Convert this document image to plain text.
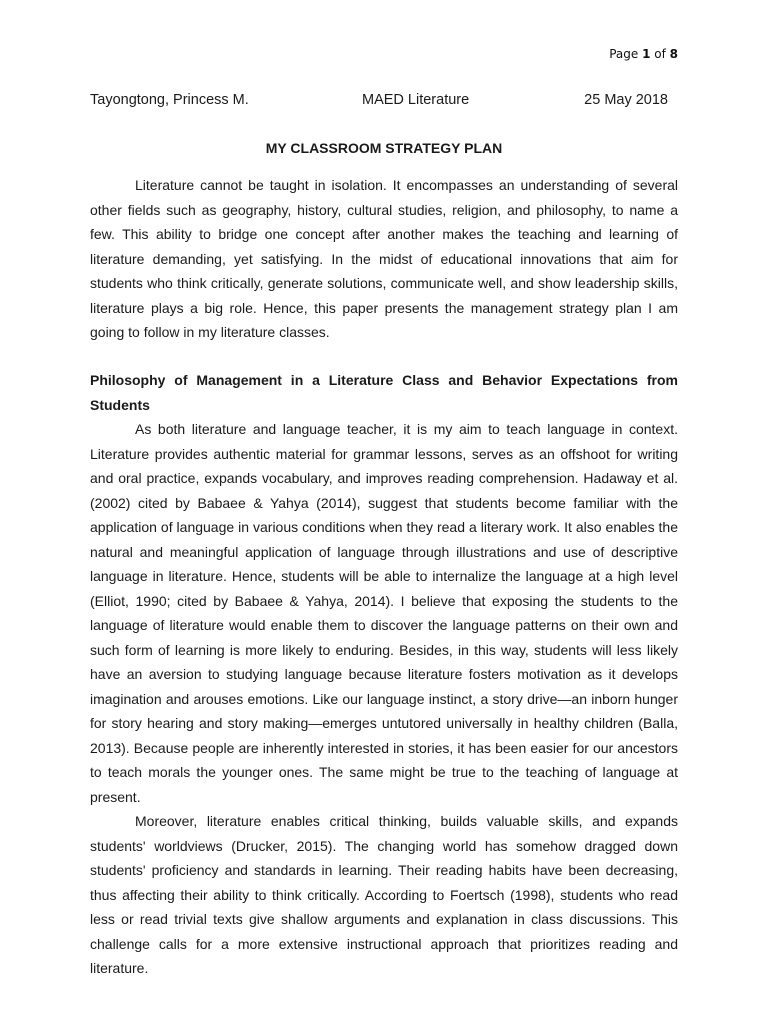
Page 1 of 8
Tayongtong, Princess M.	MAED Literature	25 May 2018
MY CLASSROOM STRATEGY PLAN

Literature cannot be taught in isolation. It encompasses an understanding of several other fields such as geography, history, cultural studies, religion, and philosophy, to name a few. This ability to bridge one concept after another makes the teaching and learning of literature demanding, yet satisfying. In the midst of educational innovations that aim for students who think critically, generate solutions, communicate well, and show leadership skills, literature plays a big role. Hence, this paper presents the management strategy plan I am going to follow in my literature classes.

Philosophy of Management in a Literature Class and Behavior Expectations from Students

As both literature and language teacher, it is my aim to teach language in context. Literature provides authentic material for grammar lessons, serves as an offshoot for writing and oral practice, expands vocabulary, and improves reading comprehension. Hadaway et al. (2002) cited by Babaee & Yahya (2014), suggest that students become familiar with the application of language in various conditions when they read a literary work. It also enables the natural and meaningful application of language through illustrations and use of descriptive language in literature. Hence, students will be able to internalize the language at a high level (Elliot, 1990; cited by Babaee & Yahya, 2014). I believe that exposing the students to the language of literature would enable them to discover the language patterns on their own and such form of learning is more likely to enduring. Besides, in this way, students will less likely have an aversion to studying language because literature fosters motivation as it develops imagination and arouses emotions. Like our language instinct, a story drive—an inborn hunger for story hearing and story making—emerges untutored universally in healthy children (Balla, 2013). Because people are inherently interested in stories, it has been easier for our ancestors to teach morals the younger ones. The same might be true to the teaching of language at present.

Moreover, literature enables critical thinking, builds valuable skills, and expands students' worldviews (Drucker, 2015). The changing world has somehow dragged down students' proficiency and standards in learning. Their reading habits have been decreasing, thus affecting their ability to think critically. According to Foertsch (1998), students who read less or read trivial texts give shallow arguments and explanation in class discussions. This challenge calls for a more extensive instructional approach that prioritizes reading and literature.
